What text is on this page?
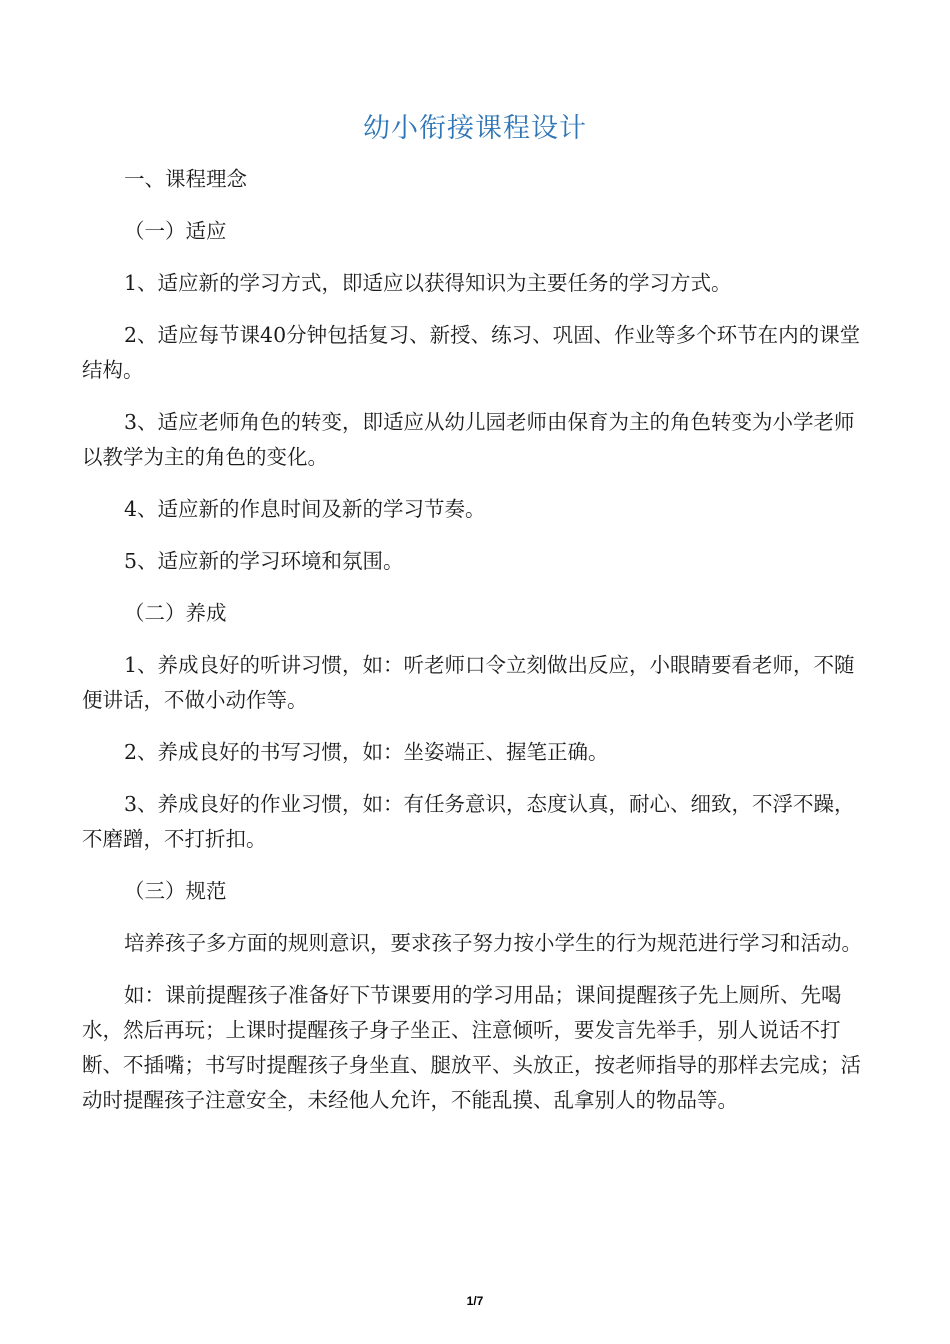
幼小衔接课程设计

一、课程理念

（一）适应

1、适应新的学习方式，即适应以获得知识为主要任务的学习方式。

2、适应每节课40分钟包括复习、新授、练习、巩固、作业等多个环节在内的课堂结构。

3、适应老师角色的转变，即适应从幼儿园老师由保育为主的角色转变为小学老师以教学为主的角色的变化。

4、适应新的作息时间及新的学习节奏。

5、适应新的学习环境和氛围。

（二）养成

1、养成良好的听讲习惯，如：听老师口令立刻做出反应，小眼睛要看老师，不随便讲话，不做小动作等。

2、养成良好的书写习惯，如：坐姿端正、握笔正确。

3、养成良好的作业习惯，如：有任务意识，态度认真，耐心、细致，不浮不躁，不磨蹭，不打折扣。

（三）规范

培养孩子多方面的规则意识，要求孩子努力按小学生的行为规范进行学习和活动。

如：课前提醒孩子准备好下节课要用的学习用品；课间提醒孩子先上厕所、先喝水，然后再玩；上课时提醒孩子身子坐正、注意倾听，要发言先举手，别人说话不打断、不插嘴；书写时提醒孩子身坐直、腿放平、头放正，按老师指导的那样去完成；活动时提醒孩子注意安全，未经他人允许，不能乱摸、乱拿别人的物品等。

1/7
